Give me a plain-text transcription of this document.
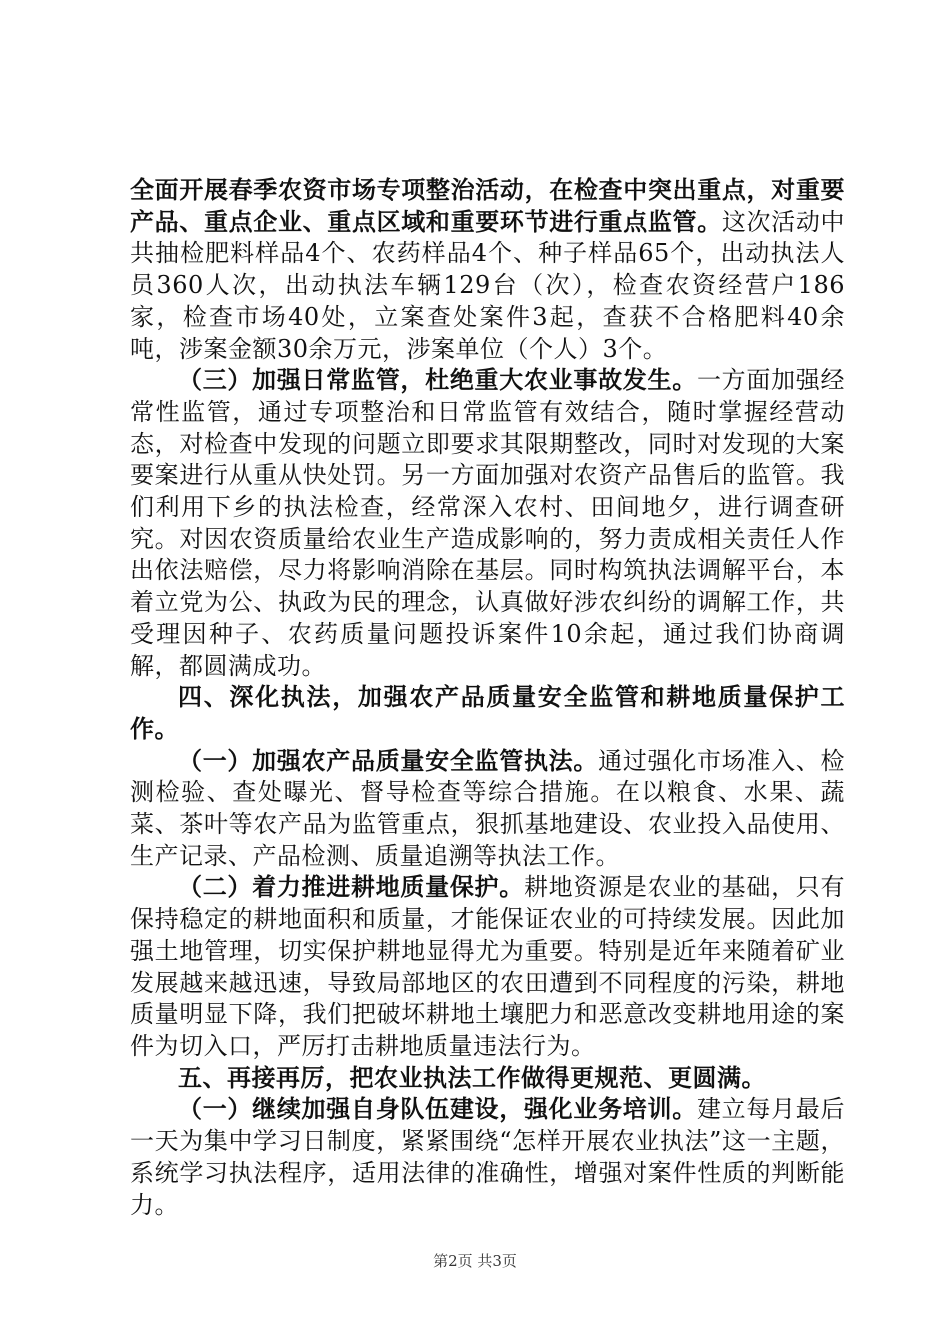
全面开展春季农资市场专项整治活动，在检查中突出重点，对重要产品、重点企业、重点区域和重要环节进行重点监管。这次活动中共抽检肥料样品4个、农药样品4个、种子样品65个，出动执法人员360人次，出动执法车辆129台（次），检查农资经营户186家，检查市场40处，立案查处案件3起，查获不合格肥料40余吨，涉案金额30余万元，涉案单位（个人）3个。

（三）加强日常监管，杜绝重大农业事故发生。一方面加强经常性监管，通过专项整治和日常监管有效结合，随时掌握经营动态，对检查中发现的问题立即要求其限期整改，同时对发现的大案要案进行从重从快处罚。另一方面加强对农资产品售后的监管。我们利用下乡的执法检查，经常深入农村、田间地夕，进行调查研究。对因农资质量给农业生产造成影响的，努力责成相关责任人作出依法赔偿，尽力将影响消除在基层。同时构筑执法调解平台，本着立党为公、执政为民的理念，认真做好涉农纠纷的调解工作，共受理因种子、农药质量问题投诉案件10余起，通过我们协商调解，都圆满成功。

四、深化执法，加强农产品质量安全监管和耕地质量保护工作。

（一）加强农产品质量安全监管执法。通过强化市场准入、检测检验、查处曝光、督导检查等综合措施。在以粮食、水果、蔬菜、茶叶等农产品为监管重点，狠抓基地建设、农业投入品使用、生产记录、产品检测、质量追溯等执法工作。

（二）着力推进耕地质量保护。耕地资源是农业的基础，只有保持稳定的耕地面积和质量，才能保证农业的可持续发展。因此加强土地管理，切实保护耕地显得尤为重要。特别是近年来随着矿业发展越来越迅速，导致局部地区的农田遭到不同程度的污染，耕地质量明显下降，我们把破坏耕地土壤肥力和恶意改变耕地用途的案件为切入口，严厉打击耕地质量违法行为。

五、再接再厉，把农业执法工作做得更规范、更圆满。

（一）继续加强自身队伍建设，强化业务培训。建立每月最后一天为集中学习日制度，紧紧围绕“怎样开展农业执法”这一主题，系统学习执法程序，适用法律的准确性，增强对案件性质的判断能力。

第2页 共3页
